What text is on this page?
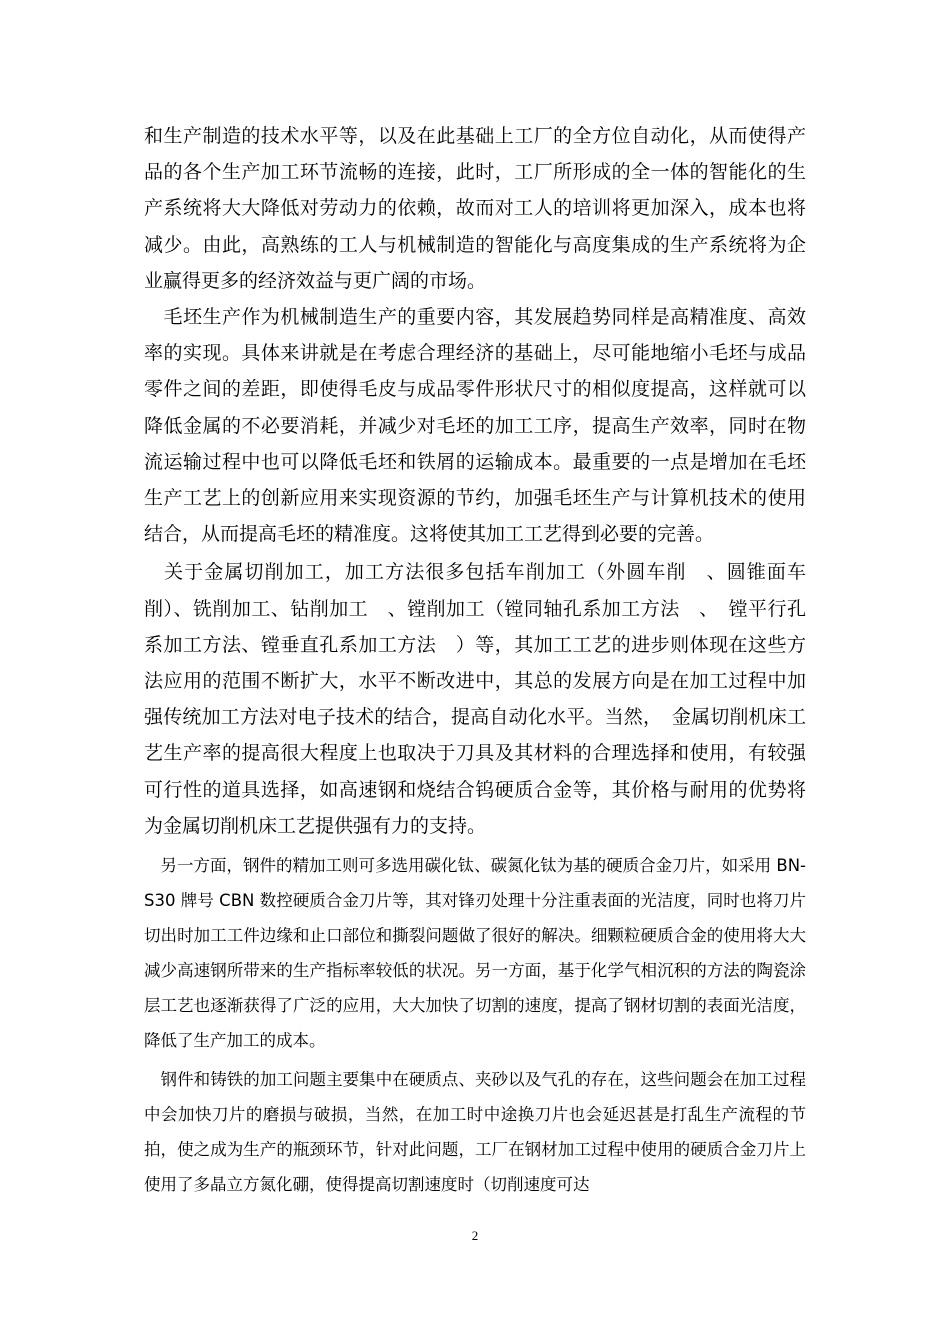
和生产制造的技术水平等，以及在此基础上工厂的全方位自动化，从而使得产品的各个生产加工环节流畅的连接，此时，工厂所形成的全一体的智能化的生产系统将大大降低对劳动力的依赖，故而对工人的培训将更加深入，成本也将减少。由此，高熟练的工人与机械制造的智能化与高度集成的生产系统将为企业赢得更多的经济效益与更广阔的市场。

　毛坯生产作为机械制造生产的重要内容，其发展趋势同样是高精准度、高效率的实现。具体来讲就是在考虑合理经济的基础上，尽可能地缩小毛坯与成品零件之间的差距，即使得毛皮与成品零件形状尺寸的相似度提高，这样就可以降低金属的不必要消耗，并减少对毛坯的加工工序，提高生产效率，同时在物流运输过程中也可以降低毛坯和铁屑的运输成本。最重要的一点是增加在毛坯生产工艺上的创新应用来实现资源的节约，加强毛坯生产与计算机技术的使用结合，从而提高毛坯的精准度。这将使其加工工艺得到必要的完善。

　关于金属切削加工，加工方法很多包括车削加工（外圆车削　、圆锥面车削）、铣削加工、钻削加工　、镗削加工（镗同轴孔系加工方法　、　镗平行孔系加工方法、镗垂直孔系加工方法　）等，其加工工艺的进步则体现在这些方法应用的范围不断扩大，水平不断改进中，其总的发展方向是在加工过程中加强传统加工方法对电子技术的结合，提高自动化水平。当然，　金属切削机床工艺生产率的提高很大程度上也取决于刀具及其材料的合理选择和使用，有较强可行性的道具选择，如高速钢和烧结合钨硬质合金等，其价格与耐用的优势将为金属切削机床工艺提供强有力的支持。

　另一方面，钢件的精加工则可多选用碳化钛、碳氮化钛为基的硬质合金刀片，如采用 BN-S30 牌号 CBN 数控硬质合金刀片等，其对锋刃处理十分注重表面的光洁度，同时也将刀片切出时加工工件边缘和止口部位和撕裂问题做了很好的解决。细颗粒硬质合金的使用将大大减少高速钢所带来的生产指标率较低的状况。另一方面，基于化学气相沉积的方法的陶瓷涂层工艺也逐渐获得了广泛的应用，大大加快了切割的速度，提高了钢材切割的表面光洁度，降低了生产加工的成本。

　钢件和铸铁的加工问题主要集中在硬质点、夹砂以及气孔的存在，这些问题会在加工过程中会加快刀片的磨损与破损，当然，在加工时中途换刀片也会延迟甚是打乱生产流程的节拍，使之成为生产的瓶颈环节，针对此问题，工厂在钢材加工过程中使用的硬质合金刀片上使用了多晶立方氮化硼，使得提高切割速度时（切削速度可达

2
